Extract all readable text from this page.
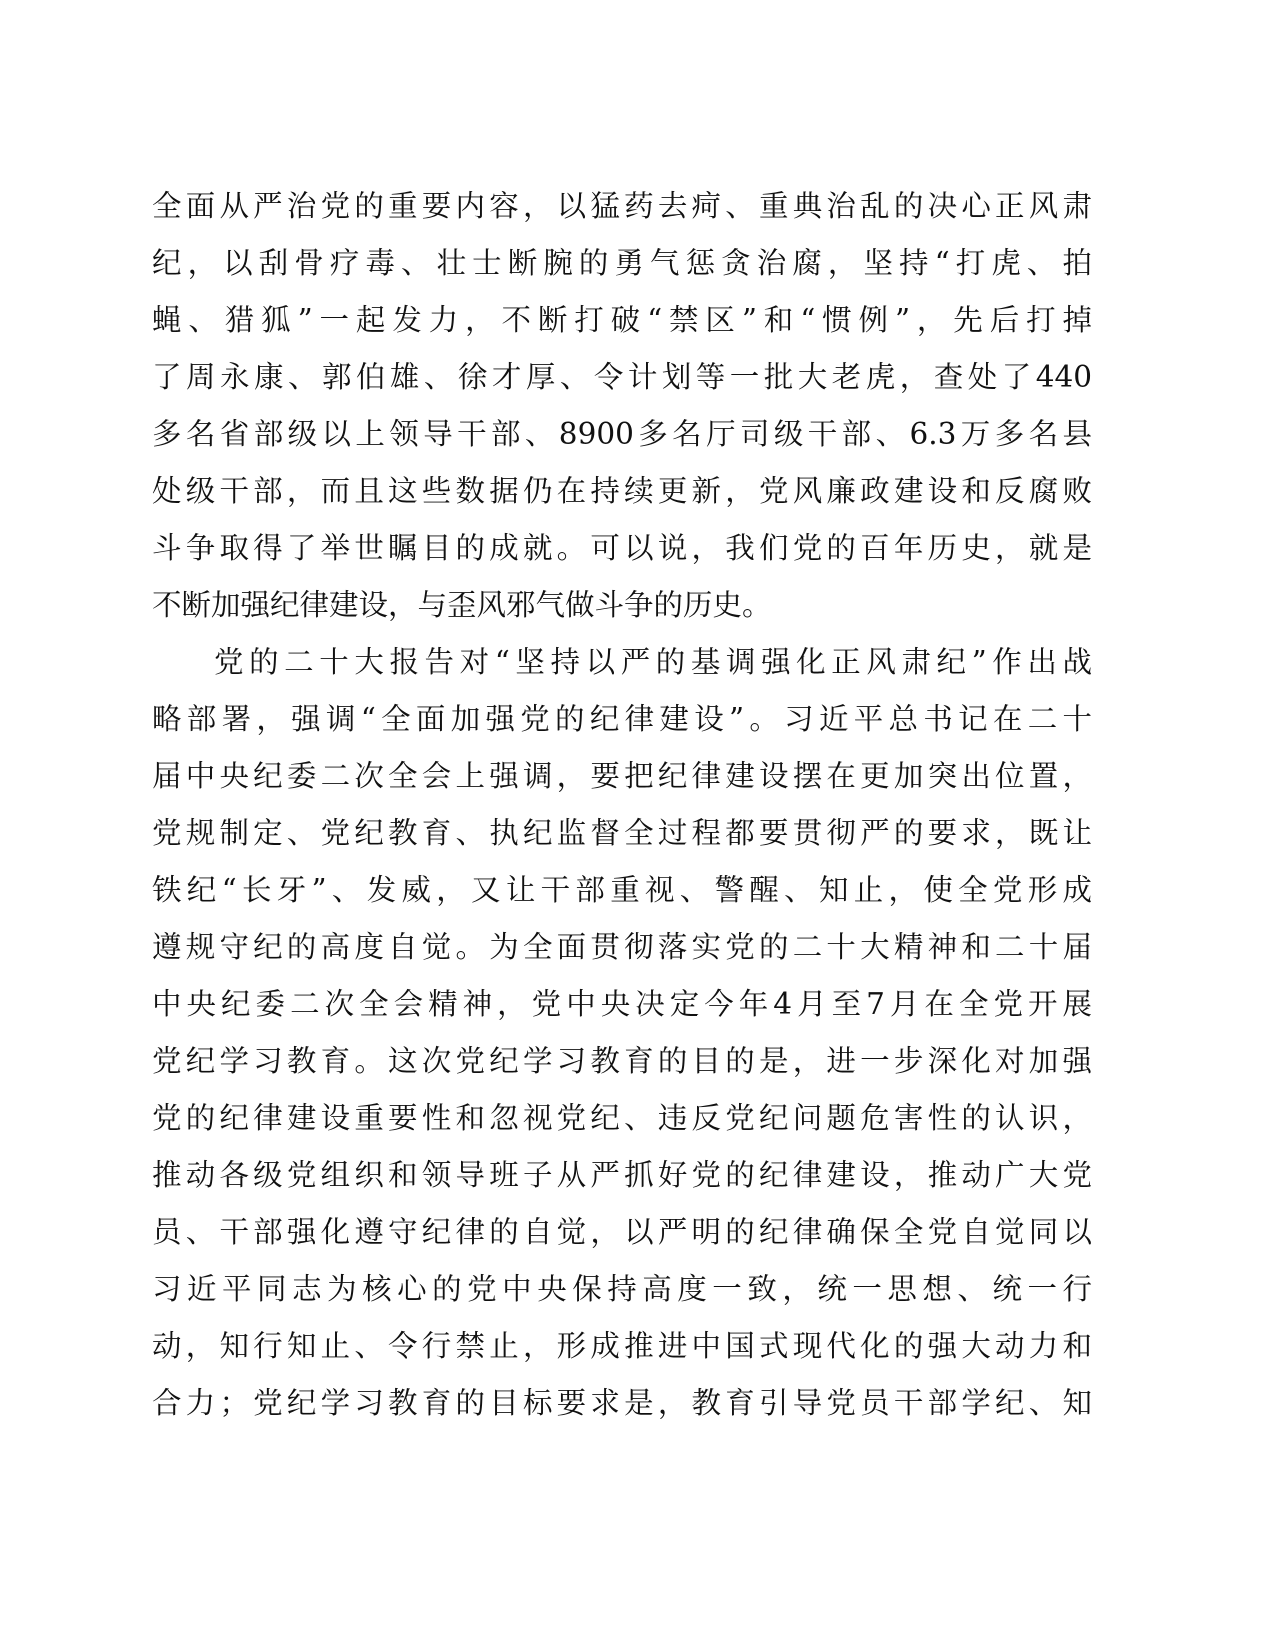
全面从严治党的重要内容，以猛药去疴、重典治乱的决心正风肃
纪，以刮骨疗毒、壮士断腕的勇气惩贪治腐，坚持“打虎、拍
蝇、猎狐”一起发力，不断打破“禁区”和“惯例”，先后打掉
了周永康、郭伯雄、徐才厚、令计划等一批大老虎，查处了440
多名省部级以上领导干部、8900多名厅司级干部、6.3万多名县
处级干部，而且这些数据仍在持续更新，党风廉政建设和反腐败
斗争取得了举世瞩目的成就。可以说，我们党的百年历史，就是
不断加强纪律建设，与歪风邪气做斗争的历史。
党的二十大报告对“坚持以严的基调强化正风肃纪”作出战
略部署，强调“全面加强党的纪律建设”。习近平总书记在二十
届中央纪委二次全会上强调，要把纪律建设摆在更加突出位置，
党规制定、党纪教育、执纪监督全过程都要贯彻严的要求，既让
铁纪“长牙”、发威，又让干部重视、警醒、知止，使全党形成
遵规守纪的高度自觉。为全面贯彻落实党的二十大精神和二十届
中央纪委二次全会精神，党中央决定今年4月至7月在全党开展
党纪学习教育。这次党纪学习教育的目的是，进一步深化对加强
党的纪律建设重要性和忽视党纪、违反党纪问题危害性的认识，
推动各级党组织和领导班子从严抓好党的纪律建设，推动广大党
员、干部强化遵守纪律的自觉，以严明的纪律确保全党自觉同以
习近平同志为核心的党中央保持高度一致，统一思想、统一行
动，知行知止、令行禁止，形成推进中国式现代化的强大动力和
合力；党纪学习教育的目标要求是，教育引导党员干部学纪、知
